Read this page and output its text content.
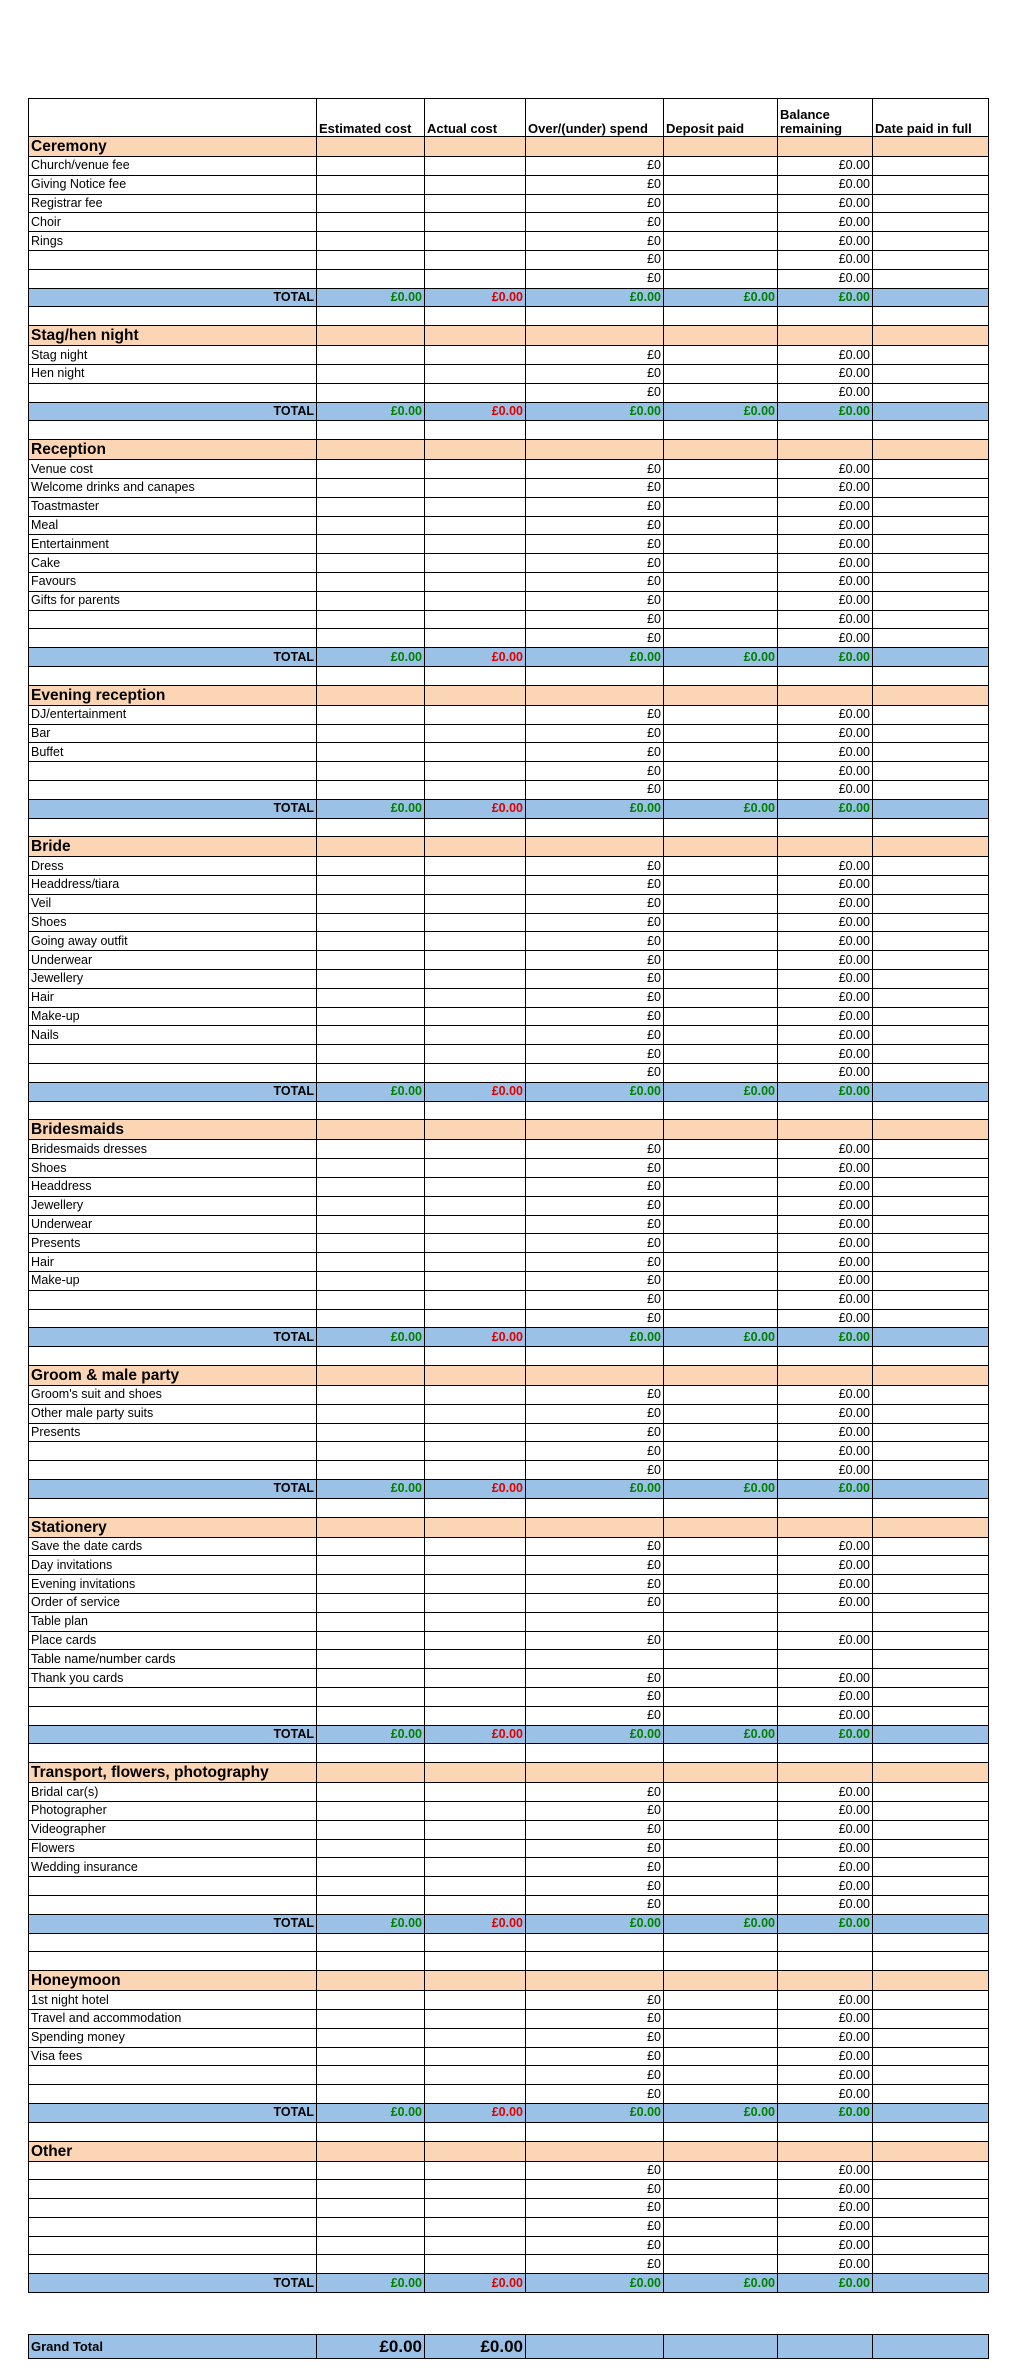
	Estimated cost	Actual cost	Over/(under) spend	Deposit paid	Balance remaining	Date paid in full
Ceremony						
Church/venue fee			£0		£0.00	
Giving Notice fee			£0		£0.00	
Registrar fee			£0		£0.00	
Choir			£0		£0.00	
Rings			£0		£0.00	
			£0		£0.00	
			£0		£0.00	
TOTAL	£0.00	£0.00	£0.00	£0.00	£0.00	

Stag/hen night						
Stag night			£0		£0.00	
Hen night			£0		£0.00	
			£0		£0.00	
TOTAL	£0.00	£0.00	£0.00	£0.00	£0.00	

Reception						
Venue cost			£0		£0.00	
Welcome drinks and canapes			£0		£0.00	
Toastmaster			£0		£0.00	
Meal			£0		£0.00	
Entertainment			£0		£0.00	
Cake			£0		£0.00	
Favours			£0		£0.00	
Gifts for parents			£0		£0.00	
			£0		£0.00	
			£0		£0.00	
TOTAL	£0.00	£0.00	£0.00	£0.00	£0.00	

Evening reception						
DJ/entertainment			£0		£0.00	
Bar			£0		£0.00	
Buffet			£0		£0.00	
			£0		£0.00	
			£0		£0.00	
TOTAL	£0.00	£0.00	£0.00	£0.00	£0.00	

Bride						
Dress			£0		£0.00	
Headdress/tiara			£0		£0.00	
Veil			£0		£0.00	
Shoes			£0		£0.00	
Going away outfit			£0		£0.00	
Underwear			£0		£0.00	
Jewellery			£0		£0.00	
Hair			£0		£0.00	
Make-up			£0		£0.00	
Nails			£0		£0.00	
			£0		£0.00	
			£0		£0.00	
TOTAL	£0.00	£0.00	£0.00	£0.00	£0.00	

Bridesmaids						
Bridesmaids dresses			£0		£0.00	
Shoes			£0		£0.00	
Headdress			£0		£0.00	
Jewellery			£0		£0.00	
Underwear			£0		£0.00	
Presents			£0		£0.00	
Hair			£0		£0.00	
Make-up			£0		£0.00	
			£0		£0.00	
			£0		£0.00	
TOTAL	£0.00	£0.00	£0.00	£0.00	£0.00	

Groom & male party						
Groom's suit and shoes			£0		£0.00	
Other male party suits			£0		£0.00	
Presents			£0		£0.00	
			£0		£0.00	
			£0		£0.00	
TOTAL	£0.00	£0.00	£0.00	£0.00	£0.00	

Stationery						
Save the date cards			£0		£0.00	
Day invitations			£0		£0.00	
Evening invitations			£0		£0.00	
Order of service			£0		£0.00	
Table plan						
Place cards			£0		£0.00	
Table name/number cards						
Thank you cards			£0		£0.00	
			£0		£0.00	
			£0		£0.00	
TOTAL	£0.00	£0.00	£0.00	£0.00	£0.00	

Transport, flowers, photography						
Bridal car(s)			£0		£0.00	
Photographer			£0		£0.00	
Videographer			£0		£0.00	
Flowers			£0		£0.00	
Wedding insurance			£0		£0.00	
			£0		£0.00	
			£0		£0.00	
TOTAL	£0.00	£0.00	£0.00	£0.00	£0.00	

Honeymoon						
1st night hotel			£0		£0.00	
Travel and accommodation			£0		£0.00	
Spending money			£0		£0.00	
Visa fees			£0		£0.00	
			£0		£0.00	
			£0		£0.00	
TOTAL	£0.00	£0.00	£0.00	£0.00	£0.00	

Other						
			£0		£0.00	
			£0		£0.00	
			£0		£0.00	
			£0		£0.00	
			£0		£0.00	
			£0		£0.00	
TOTAL	£0.00	£0.00	£0.00	£0.00	£0.00	
Grand Total	£0.00	£0.00				
